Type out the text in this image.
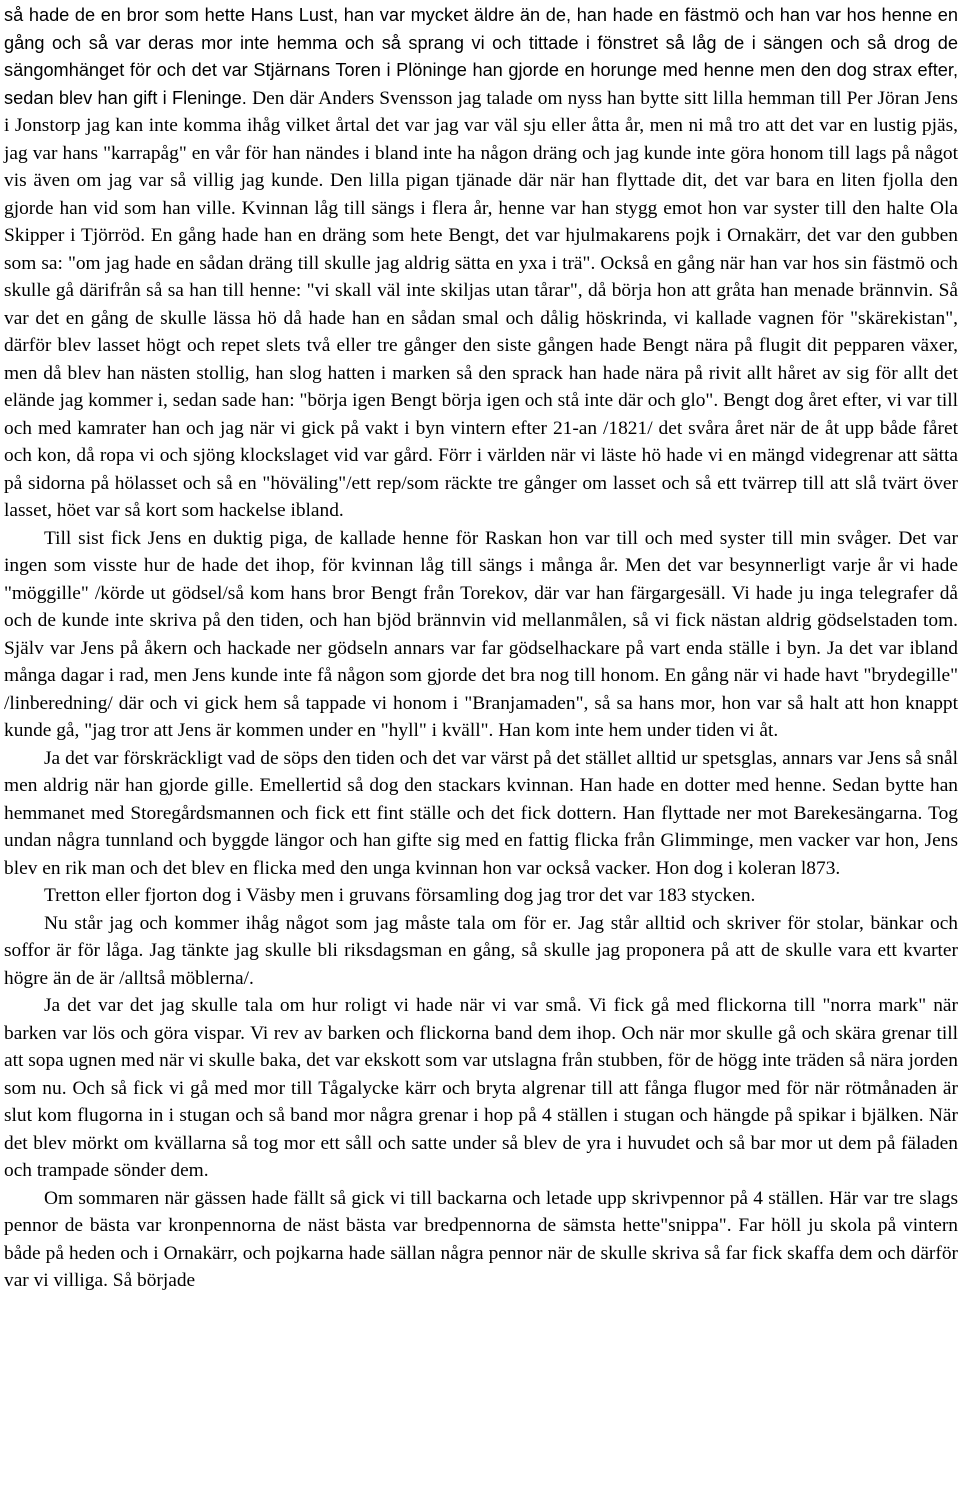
så hade de en bror som hette Hans Lust, han var mycket äldre än de, han hade en fästmö och han var hos henne en gång och så var deras mor inte hemma och så sprang vi och tittade i fönstret så låg de i sängen och så drog de sängomhänget för och det var Stjärnans Toren i Plöninge han gjorde en horunge med henne men den dog strax efter, sedan blev han gift i Fleninge. Den där Anders Svensson jag talade om nyss han bytte sitt lilla hemman till Per Jöran Jens i Jonstorp jag kan inte komma ihåg vilket årtal det var jag var väl sju eller åtta år, men ni må tro att det var en lustig pjäs, jag var hans "karrapåg" en vår för han nändes i bland inte ha någon dräng och jag kunde inte göra honom till lags på något vis även om jag var så villig jag kunde. Den lilla pigan tjänade där när han flyttade dit, det var bara en liten fjolla den gjorde han vid som han ville. Kvinnan låg till sängs i flera år, henne var han stygg emot hon var syster till den halte Ola Skipper i Tjörröd. En gång hade han en dräng som hete Bengt, det var hjulmakarens pojk i Ornakärr, det var den gubben som sa: "om jag hade en sådan dräng till skulle jag aldrig sätta en yxa i trä". Också en gång när han var hos sin fästmö och skulle gå därifrån så sa han till henne: "vi skall väl inte skiljas utan tårar", då börja hon att gråta han menade brännvin. Så var det en gång de skulle lässa hö då hade han en sådan smal och dålig höskrinda, vi kallade vagnen för "skärekistan", därför blev lasset högt och repet slets två eller tre gånger den siste gången hade Bengt nära på flugit dit pepparen växer, men då blev han nästen stollig, han slog hatten i marken så den sprack han hade nära på rivit allt håret av sig för allt det elände jag kommer i, sedan sade han: "börja igen Bengt börja igen och stå inte där och glo". Bengt dog året efter, vi var till och med kamrater han och jag när vi gick på vakt i byn vintern efter 21-an /1821/ det svåra året när de åt upp både fåret och kon, då ropa vi och sjöng klockslaget vid var gård. Förr i världen när vi läste hö hade vi en mängd videgrenar att sätta på sidorna på hölasset och så en "höväling"/ett rep/som räckte tre gånger om lasset och så ett tvärrep till att slå tvärt över lasset, höet var så kort som hackelse ibland.

Till sist fick Jens en duktig piga, de kallade henne för Raskan hon var till och med syster till min svåger. Det var ingen som visste hur de hade det ihop, för kvinnan låg till sängs i många år. Men det var besynnerligt varje år vi hade "möggille" /körde ut gödsel/så kom hans bror Bengt från Torekov, där var han färgargesäll. Vi hade ju inga telegrafer då och de kunde inte skriva på den tiden, och han bjöd brännvin vid mellanmålen, så vi fick nästan aldrig gödselstaden tom. Själv var Jens på åkern och hackade ner gödseln annars var far gödselhackare på vart enda ställe i byn. Ja det var ibland många dagar i rad, men Jens kunde inte få någon som gjorde det bra nog till honom. En gång när vi hade havt "brydegille" /linberedning/ där och vi gick hem så tappade vi honom i "Branjamaden", så sa hans mor, hon var så halt att hon knappt kunde gå, "jag tror att Jens är kommen under en "hyll" i kväll". Han kom inte hem under tiden vi åt.

Ja det var förskräckligt vad de söps den tiden och det var värst på det stället alltid ur spetsglas, annars var Jens så snål men aldrig när han gjorde gille. Emellertid så dog den stackars kvinnan. Han hade en dotter med henne. Sedan bytte han hemmanet med Storegårdsmannen och fick ett fint ställe och det fick dottern. Han flyttade ner mot Barekesängarna. Tog undan några tunnland och byggde längor och han gifte sig med en fattig flicka från Glimminge, men vacker var hon, Jens blev en rik man och det blev en flicka med den unga kvinnan hon var också vacker. Hon dog i koleran l873.

Tretton eller fjorton dog i Väsby men i gruvans församling dog jag tror det var 183 stycken.

Nu står jag och kommer ihåg något som jag måste tala om för er. Jag står alltid och skriver för stolar, bänkar och soffor är för låga. Jag tänkte jag skulle bli riksdagsman en gång, så skulle jag proponera på att de skulle vara ett kvarter högre än de är /alltså möblerna/.

Ja det var det jag skulle tala om hur roligt vi hade när vi var små. Vi fick gå med flickorna till "norra mark" när barken var lös och göra vispar. Vi rev av barken och flickorna band dem ihop. Och när mor skulle gå och skära grenar till att sopa ugnen med när vi skulle baka, det var ekskott som var utslagna från stubben, för de högg inte träden så nära jorden som nu. Och så fick vi gå med mor till Tågalycke kärr och bryta algrenar till att fånga flugor med för när rötmånaden är slut kom flugorna in i stugan och så band mor några grenar i hop på 4 ställen i stugan och hängde på spikar i bjälken. När det blev mörkt om kvällarna så tog mor ett såll och satte under så blev de yra i huvudet och så bar mor ut dem på fäladen och trampade sönder dem.

Om sommaren när gässen hade fällt så gick vi till backarna och letade upp skrivpennor på 4 ställen. Här var tre slags pennor de bästa var kronpennorna de näst bästa var bredpennorna de sämsta hette"snippa". Far höll ju skola på vintern både på heden och i Ornakärr, och pojkarna hade sällan några pennor när de skulle skriva så far fick skaffa dem och därför var vi villiga. Så började
